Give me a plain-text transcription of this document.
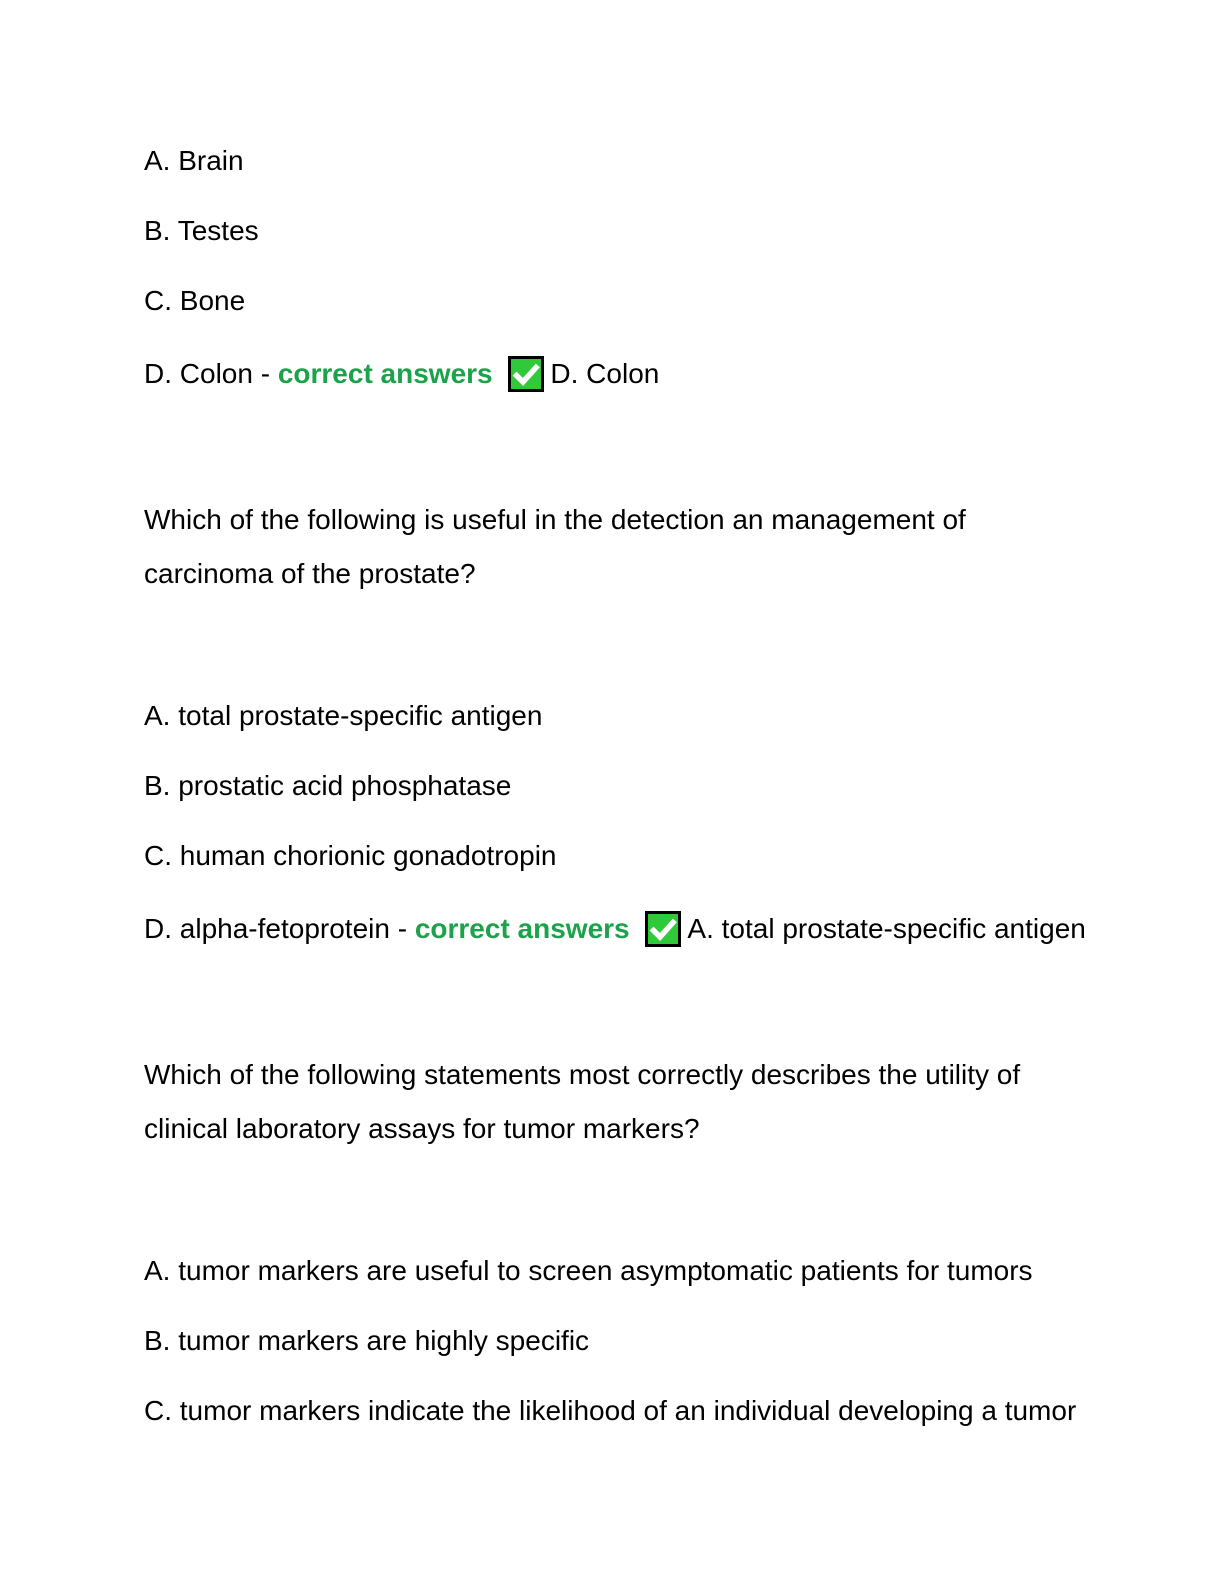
A. Brain

B. Testes

C. Bone

D. Colon - correct answers D. Colon

Which of the following is useful in the detection an management of
carcinoma of the prostate?

A. total prostate-specific antigen

B. prostatic acid phosphatase

C. human chorionic gonadotropin

D. alpha-fetoprotein - correct answers A. total prostate-specific antigen

Which of the following statements most correctly describes the utility of
clinical laboratory assays for tumor markers?

A. tumor markers are useful to screen asymptomatic patients for tumors

B. tumor markers are highly specific

C. tumor markers indicate the likelihood of an individual developing a tumor
